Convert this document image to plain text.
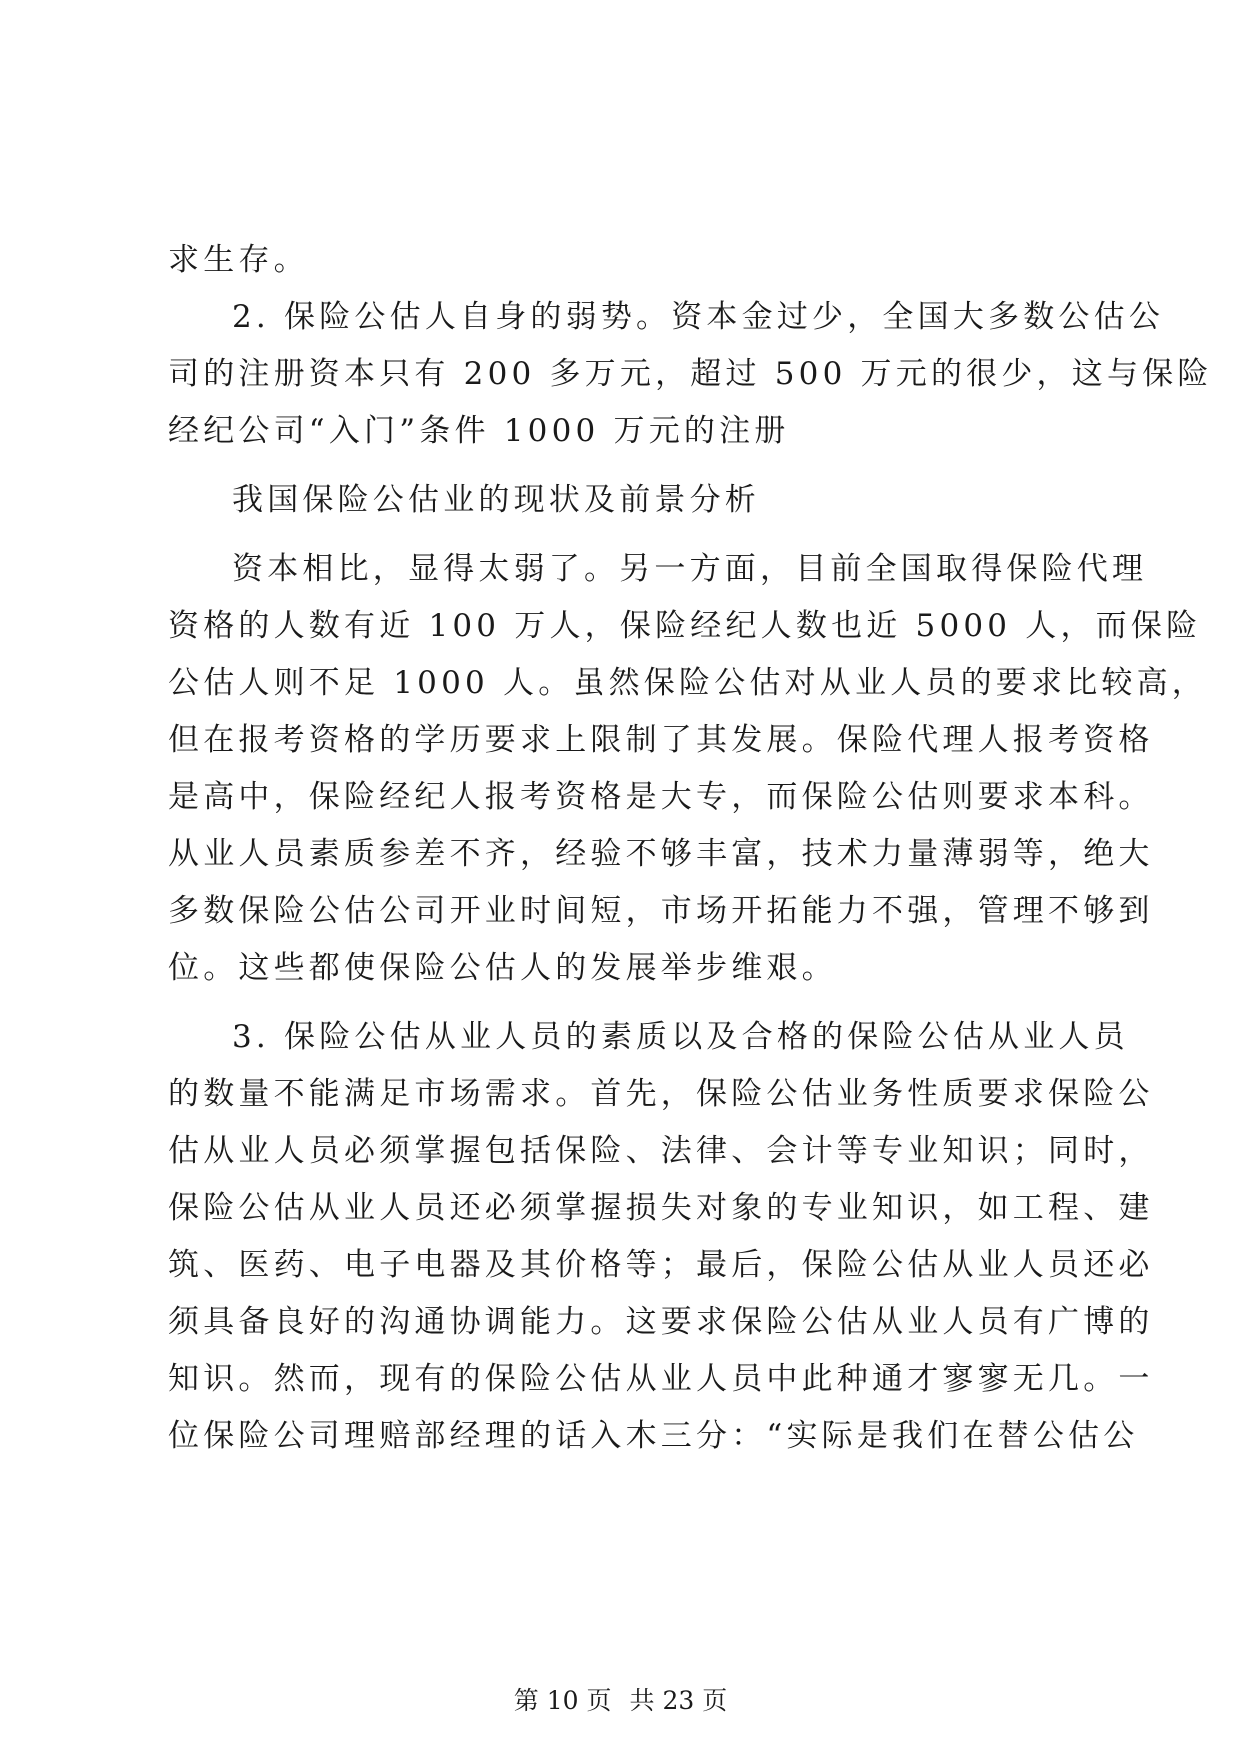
求生存。
2. 保险公估人自身的弱势。资本金过少，全国大多数公估公
司的注册资本只有 200 多万元，超过 500 万元的很少，这与保险
经纪公司“入门”条件 1000 万元的注册
我国保险公估业的现状及前景分析
资本相比，显得太弱了。另一方面，目前全国取得保险代理
资格的人数有近 100 万人，保险经纪人数也近 5000 人，而保险
公估人则不足 1000 人。虽然保险公估对从业人员的要求比较高，
但在报考资格的学历要求上限制了其发展。保险代理人报考资格
是高中，保险经纪人报考资格是大专，而保险公估则要求本科。
从业人员素质参差不齐，经验不够丰富，技术力量薄弱等，绝大
多数保险公估公司开业时间短，市场开拓能力不强，管理不够到
位。这些都使保险公估人的发展举步维艰。
3. 保险公估从业人员的素质以及合格的保险公估从业人员
的数量不能满足市场需求。首先，保险公估业务性质要求保险公
估从业人员必须掌握包括保险、法律、会计等专业知识；同时，
保险公估从业人员还必须掌握损失对象的专业知识，如工程、建
筑、医药、电子电器及其价格等；最后，保险公估从业人员还必
须具备良好的沟通协调能力。这要求保险公估从业人员有广博的
知识。然而，现有的保险公估从业人员中此种通才寥寥无几。一
位保险公司理赔部经理的话入木三分：“实际是我们在替公估公
第 10 页 共 23 页
